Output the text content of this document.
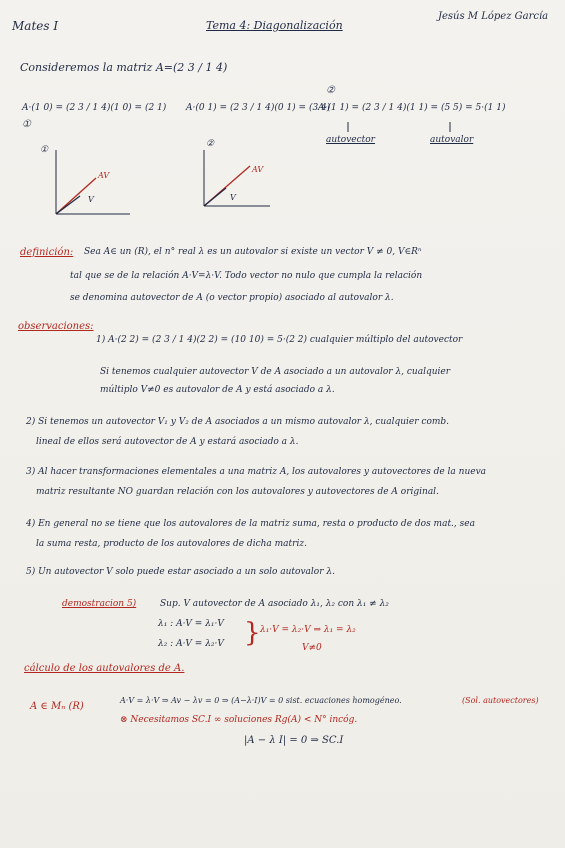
Mates I	Tema 4: Diagonalización
Jesús M López García
Consideremos la matriz A=(2 3 / 1 4)
A·(1 0) = (2 3 / 1 4)(1 0) = (2 1) A·(0 1) = (2 3 / 1 4)(0 1) = (3 4)
A·(1 1) = (2 3 / 1 4)(1 1) = (5 5) = 5·(1 1)
①
②
autovector	autovalor
①
②
AV
V
AV
V
definición: Sea A∈ un (R), el n° real λ es un autovalor si existe un vector V ≠ 0, V∈Rⁿ
tal que se de la relación A·V=λ·V. Todo vector no nulo que cumpla la relación
se denomina autovector de A (o vector propio) asociado al autovalor λ.
observaciones:
1) A·(2 2) = (2 3 / 1 4)(2 2) = (10 10) = 5·(2 2) cualquier múltiplo del autovector
Si tenemos cualquier autovector V de A asociado a un autovalor λ, cualquier
múltiplo V≠0 es autovalor de A y está asociado a λ.
2) Si tenemos un autovector V₁ y V₂ de A asociados a un mismo autovalor λ, cualquier comb.
lineal de ellos será autovector de A y estará asociado a λ.
3) Al hacer transformaciones elementales a una matriz A, los autovalores y autovectores de la nueva
matriz resultante NO guardan relación con los autovalores y autovectores de A original.
4) En general no se tiene que los autovalores de la matriz suma, resta o producto de dos mat., sea
la suma resta, producto de los autovalores de dicha matriz.
5) Un autovector V solo puede estar asociado a un solo autovalor λ.
demostracion 5)	Sup. V autovector de A asociado λ₁, λ₂ con λ₁ ≠ λ₂
λ₁ : A·V = λ₁·V
λ₂ : A·V = λ₂·V } λ₁·V = λ₂·V ⇒ λ₁ = λ₂
V≠0
cálculo de los autovalores de A.
A ∈ Mₙ (R)
A·V = λ·V ⇒ Av − λv = 0 ⇒ (A−λ·I)V = 0 sist. ecuaciones homogéneo.	(Sol. autovectores)
⊗ Necesitamos SC.I ∞ soluciones Rg(A) < N° incóg.
|A − λ I| = 0 ⇒ SC.I
